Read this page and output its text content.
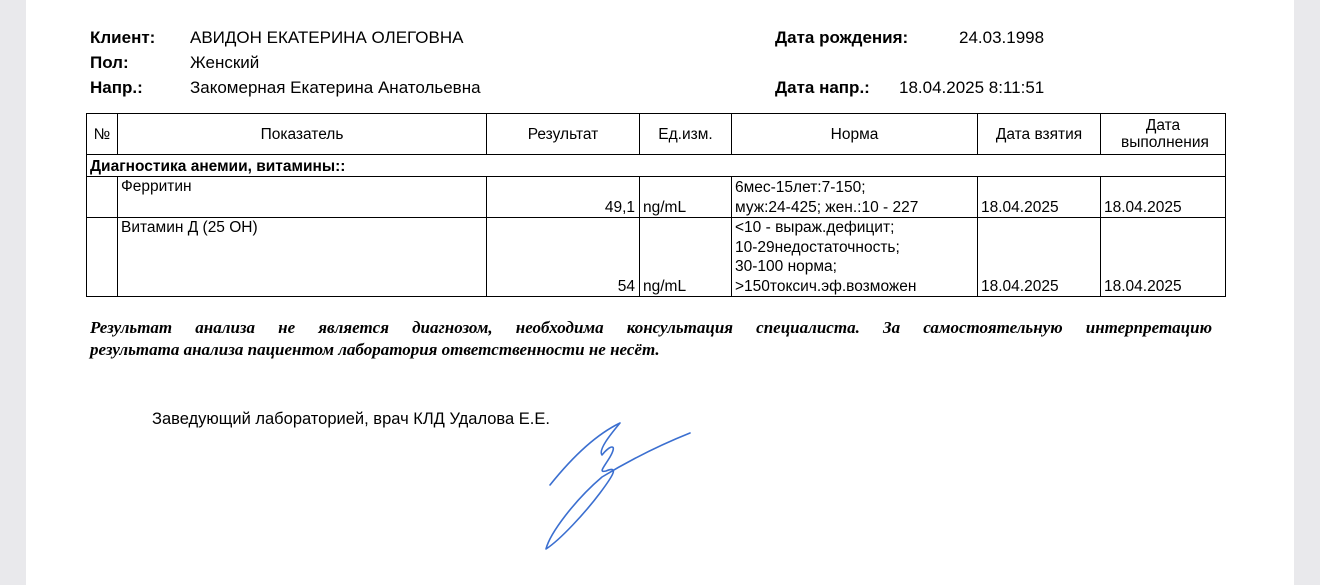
Клиент: АВИДОН ЕКАТЕРИНА ОЛЕГОВНА
Пол:	Женский
Напр.:	Закомерная Екатерина Анатольевна
Дата рождения:	24.03.1998
Дата напр.: 18.04.2025 8:11:51
№	Показатель	Результат	Ед.изм.	Норма	Дата взятия	Дата выполнения
Диагностика анемии, витамины::						
	Ферритин	49,1	ng/mL	6мес-15лет:7-150;
муж:24-425; жен.:10 - 227	18.04.2025	18.04.2025
	Витамин Д (25 ОН)	54	ng/mL	<10 - выраж.дефицит;
10-29недостаточность;
30-100 норма;
>150токсич.эф.возможен	18.04.2025	18.04.2025
Результат анализа не является диагнозом, необходима консультация специалиста. За самостоятельную интерпретацию
результата анализа пациентом лаборатория ответственности не несёт.
Заведующий лабораторией, врач КЛД Удалова Е.Е.
